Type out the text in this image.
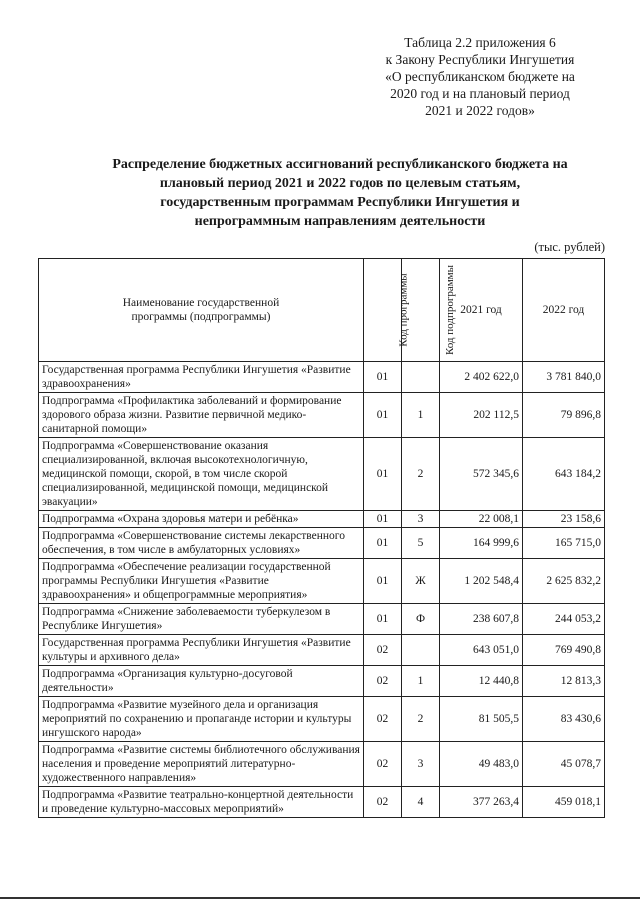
Таблица 2.2 приложения 6
к Закону Республики Ингушетия
«О республиканском бюджете на
2020 год и на плановый период
2021 и 2022 годов»
Распределение бюджетных ассигнований республиканского бюджета на
плановый период 2021 и 2022 годов по целевым статьям,
государственным программам Республики Ингушетия и
непрограммным направлениям деятельности
(тыс. рублей)
Наименование государственной программы (подпрограммы)	Код программы	Код подпрограммы	2021 год	2022 год
Государственная программа Республики Ингушетия «Развитие здравоохранения»	01		2 402 622,0	3 781 840,0
Подпрограмма «Профилактика заболеваний и формирование здорового образа жизни. Развитие первичной медико-санитарной помощи»	01	1	202 112,5	79 896,8
Подпрограмма «Совершенствование оказания специализированной, включая высокотехнологичную, медицинской помощи, скорой, в том числе скорой специализированной, медицинской помощи, медицинской эвакуации»	01	2	572 345,6	643 184,2
Подпрограмма «Охрана здоровья матери и ребёнка»	01	3	22 008,1	23 158,6
Подпрограмма «Совершенствование системы лекарственного обеспечения, в том числе в амбулаторных условиях»	01	5	164 999,6	165 715,0
Подпрограмма «Обеспечение реализации государственной программы Республики Ингушетия «Развитие здравоохранения» и общепрограммные мероприятия»	01	Ж	1 202 548,4	2 625 832,2
Подпрограмма «Снижение заболеваемости туберкулезом в Республике Ингушетия»	01	Ф	238 607,8	244 053,2
Государственная программа Республики Ингушетия «Развитие культуры и архивного дела»	02		643 051,0	769 490,8
Подпрограмма «Организация культурно-досуговой деятельности»	02	1	12 440,8	12 813,3
Подпрограмма «Развитие музейного дела и организация мероприятий по сохранению и пропаганде истории и культуры ингушского народа»	02	2	81 505,5	83 430,6
Подпрограмма «Развитие системы библиотечного обслуживания населения и проведение мероприятий литературно-художественного направления»	02	3	49 483,0	45 078,7
Подпрограмма «Развитие театрально-концертной деятельности и проведение культурно-массовых мероприятий»	02	4	377 263,4	459 018,1
